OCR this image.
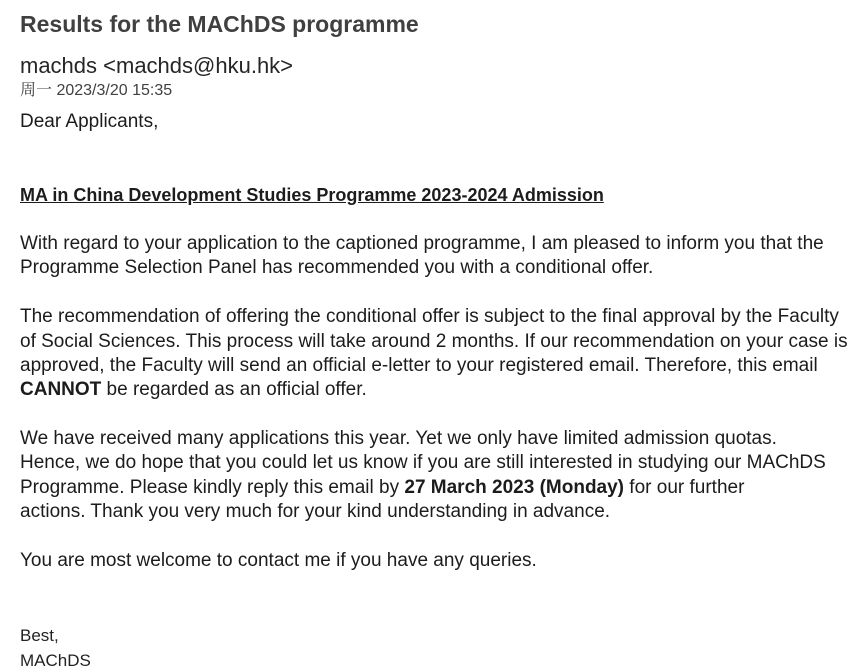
Results for the MAChDS programme
machds <machds@hku.hk>
周一 2023/3/20 15:35
Dear Applicants,
MA in China Development Studies Programme 2023-2024 Admission
With regard to your application to the captioned programme, I am pleased to inform you that the
Programme Selection Panel has recommended you with a conditional offer.
The recommendation of offering the conditional offer is subject to the final approval by the Faculty
of Social Sciences. This process will take around 2 months. If our recommendation on your case is
approved, the Faculty will send an official e-letter to your registered email. Therefore, this email
CANNOT be regarded as an official offer.
We have received many applications this year. Yet we only have limited admission quotas.
Hence, we do hope that you could let us know if you are still interested in studying our MAChDS
Programme. Please kindly reply this email by 27 March 2023 (Monday) for our further
actions. Thank you very much for your kind understanding in advance.
You are most welcome to contact me if you have any queries.
Best,
MAChDS
